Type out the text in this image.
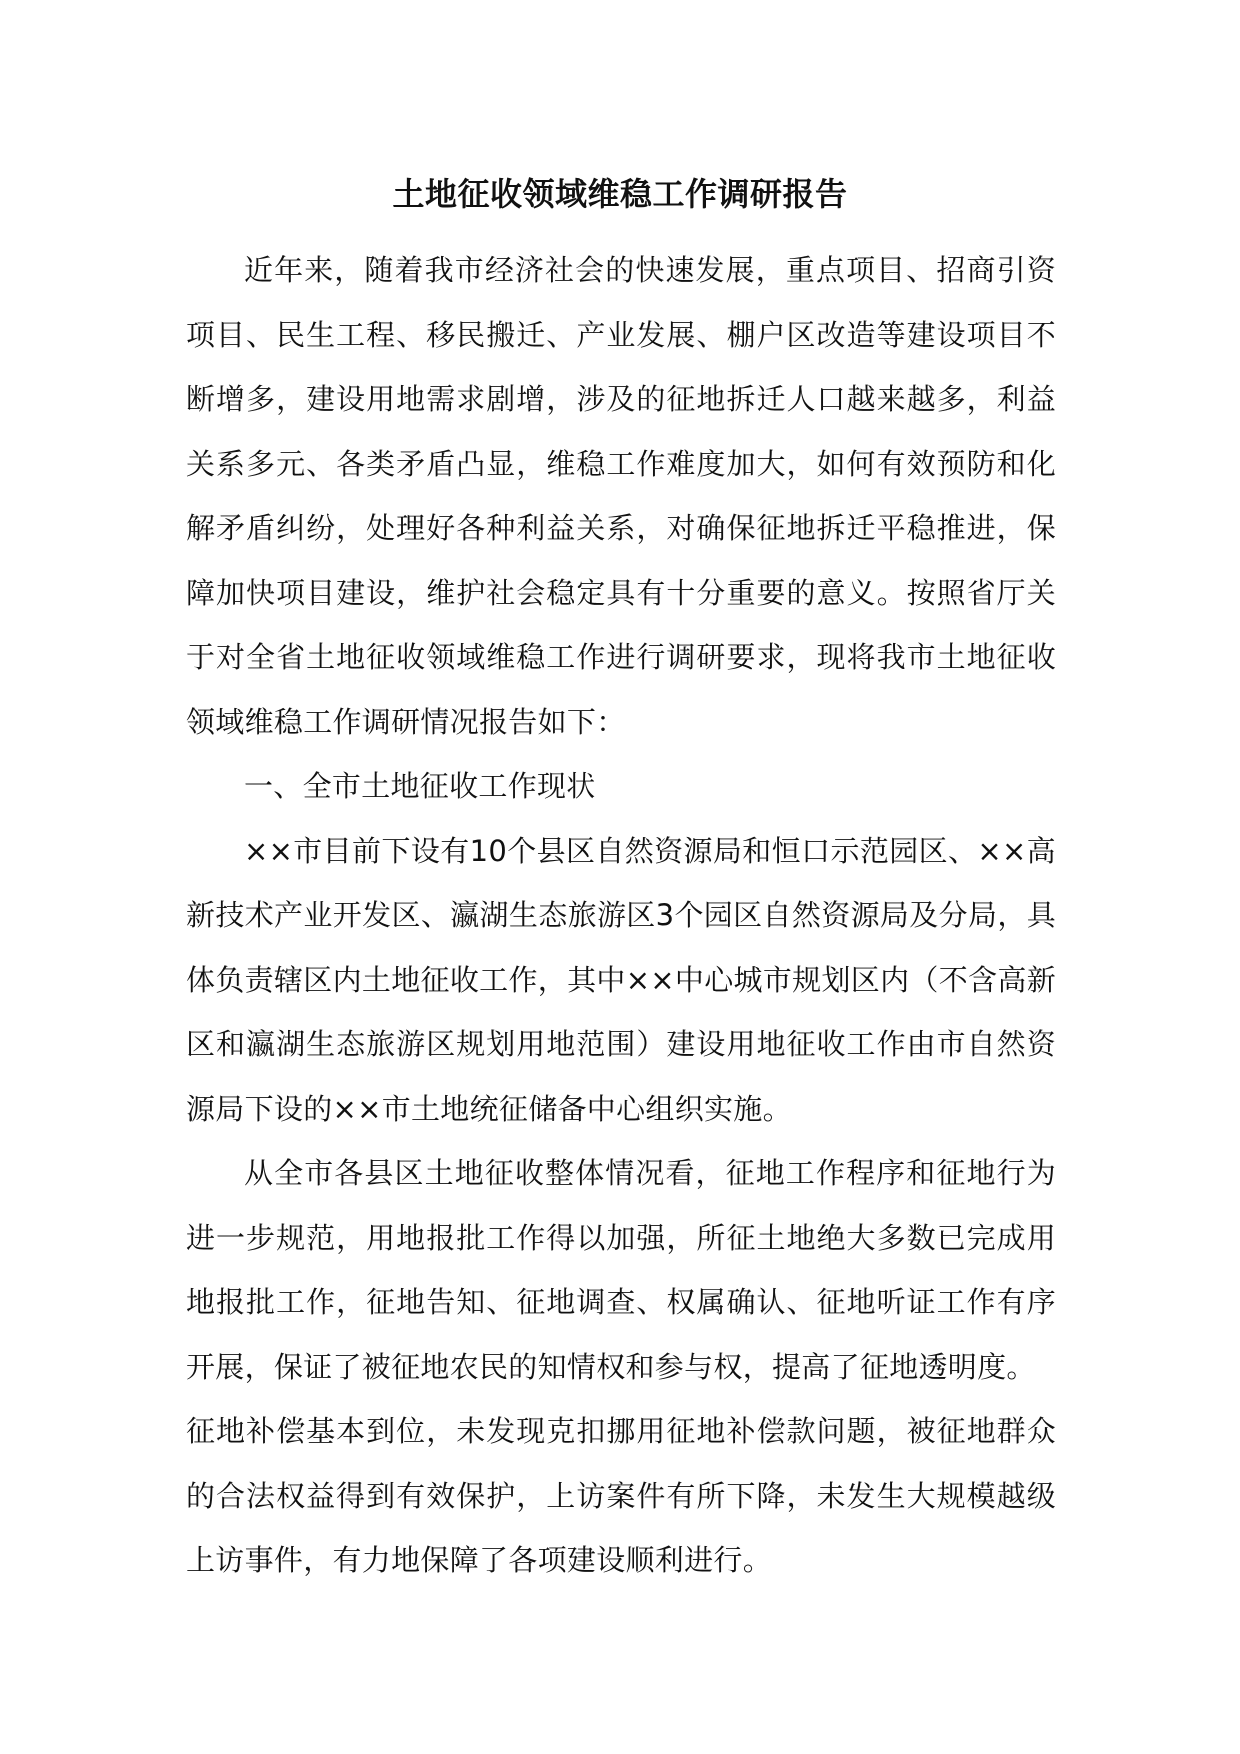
土地征收领域维稳工作调研报告

近年来，随着我市经济社会的快速发展，重点项目、招商引资项目、民生工程、移民搬迁、产业发展、棚户区改造等建设项目不断增多，建设用地需求剧增，涉及的征地拆迁人口越来越多，利益关系多元、各类矛盾凸显，维稳工作难度加大，如何有效预防和化解矛盾纠纷，处理好各种利益关系，对确保征地拆迁平稳推进，保障加快项目建设，维护社会稳定具有十分重要的意义。按照省厅关于对全省土地征收领域维稳工作进行调研要求，现将我市土地征收领域维稳工作调研情况报告如下：

一、全市土地征收工作现状

××市目前下设有10个县区自然资源局和恒口示范园区、××高新技术产业开发区、瀛湖生态旅游区3个园区自然资源局及分局，具体负责辖区内土地征收工作，其中××中心城市规划区内（不含高新区和瀛湖生态旅游区规划用地范围）建设用地征收工作由市自然资源局下设的××市土地统征储备中心组织实施。

从全市各县区土地征收整体情况看，征地工作程序和征地行为进一步规范，用地报批工作得以加强，所征土地绝大多数已完成用地报批工作，征地告知、征地调查、权属确认、征地听证工作有序开展，保证了被征地农民的知情权和参与权，提高了征地透明度。

征地补偿基本到位，未发现克扣挪用征地补偿款问题，被征地群众的合法权益得到有效保护，上访案件有所下降，未发生大规模越级上访事件，有力地保障了各项建设顺利进行。
